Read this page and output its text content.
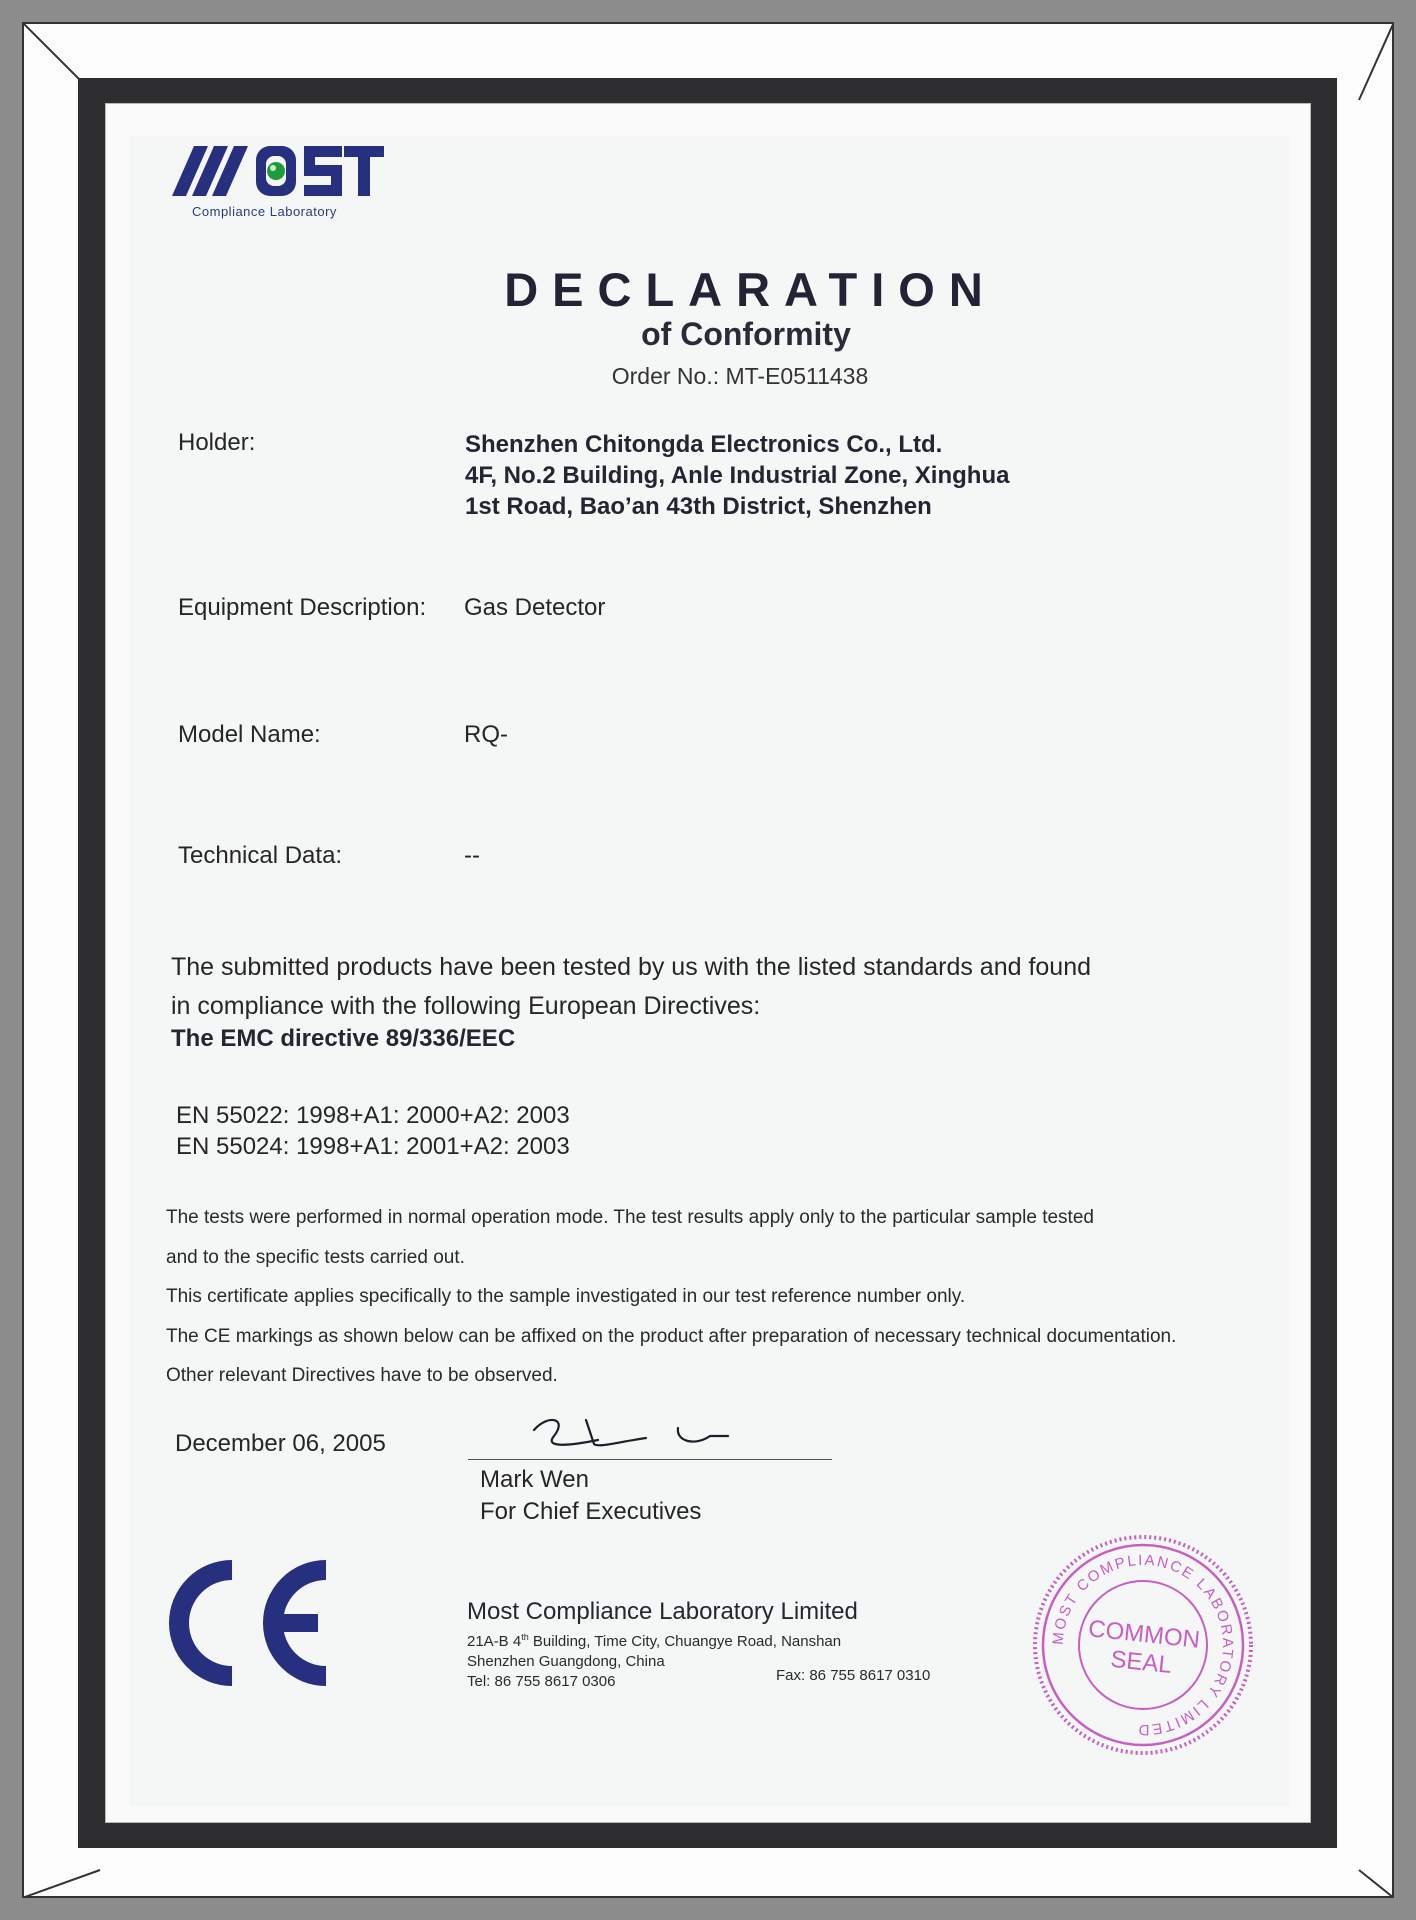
Compliance Laboratory
DECLARATION
of Conformity
Order No.: MT-E0511438
Holder:	Shenzhen Chitongda Electronics Co., Ltd.
4F, No.2 Building, Anle Industrial Zone, Xinghua
1st Road, Bao’an 43th District, Shenzhen
Equipment Description: Gas Detector
Model Name:	RQ-
Technical Data:	--
The submitted products have been tested by us with the listed standards and found
in compliance with the following European Directives:
The EMC directive 89/336/EEC
EN 55022: 1998+A1: 2000+A2: 2003
EN 55024: 1998+A1: 2001+A2: 2003
The tests were performed in normal operation mode. The test results apply only to the particular sample tested
and to the specific tests carried out.
This certificate applies specifically to the sample investigated in our test reference number only.
The CE markings as shown below can be affixed on the product after preparation of necessary technical documentation.
Other relevant Directives have to be observed.
December 06, 2005
Mark Wen
For Chief Executives
Most Compliance Laboratory Limited
21A-B 4th Building, Time City, Chuangye Road, Nanshan
Shenzhen Guangdong, China
Tel: 86 755 8617 0306	Fax: 86 755 8617 0310
MOST COMPLIANCE LABORATORY LIMITED
COMMON
SEAL
